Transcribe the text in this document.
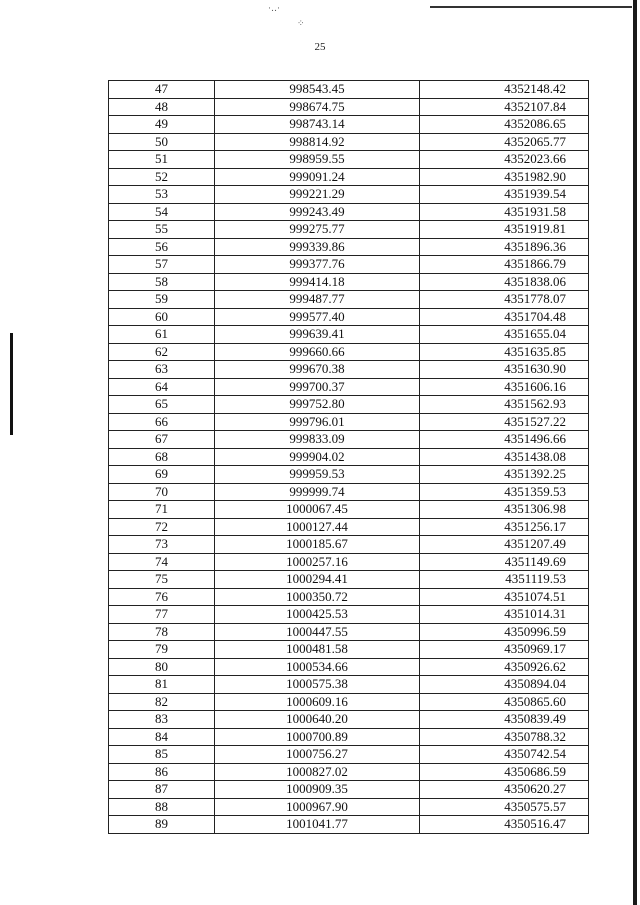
·‥·
⁘
25
47	998543.45	4352148.42
48	998674.75	4352107.84
49	998743.14	4352086.65
50	998814.92	4352065.77
51	998959.55	4352023.66
52	999091.24	4351982.90
53	999221.29	4351939.54
54	999243.49	4351931.58
55	999275.77	4351919.81
56	999339.86	4351896.36
57	999377.76	4351866.79
58	999414.18	4351838.06
59	999487.77	4351778.07
60	999577.40	4351704.48
61	999639.41	4351655.04
62	999660.66	4351635.85
63	999670.38	4351630.90
64	999700.37	4351606.16
65	999752.80	4351562.93
66	999796.01	4351527.22
67	999833.09	4351496.66
68	999904.02	4351438.08
69	999959.53	4351392.25
70	999999.74	4351359.53
71	1000067.45	4351306.98
72	1000127.44	4351256.17
73	1000185.67	4351207.49
74	1000257.16	4351149.69
75	1000294.41	4351119.53
76	1000350.72	4351074.51
77	1000425.53	4351014.31
78	1000447.55	4350996.59
79	1000481.58	4350969.17
80	1000534.66	4350926.62
81	1000575.38	4350894.04
82	1000609.16	4350865.60
83	1000640.20	4350839.49
84	1000700.89	4350788.32
85	1000756.27	4350742.54
86	1000827.02	4350686.59
87	1000909.35	4350620.27
88	1000967.90	4350575.57
89	1001041.77	4350516.47
